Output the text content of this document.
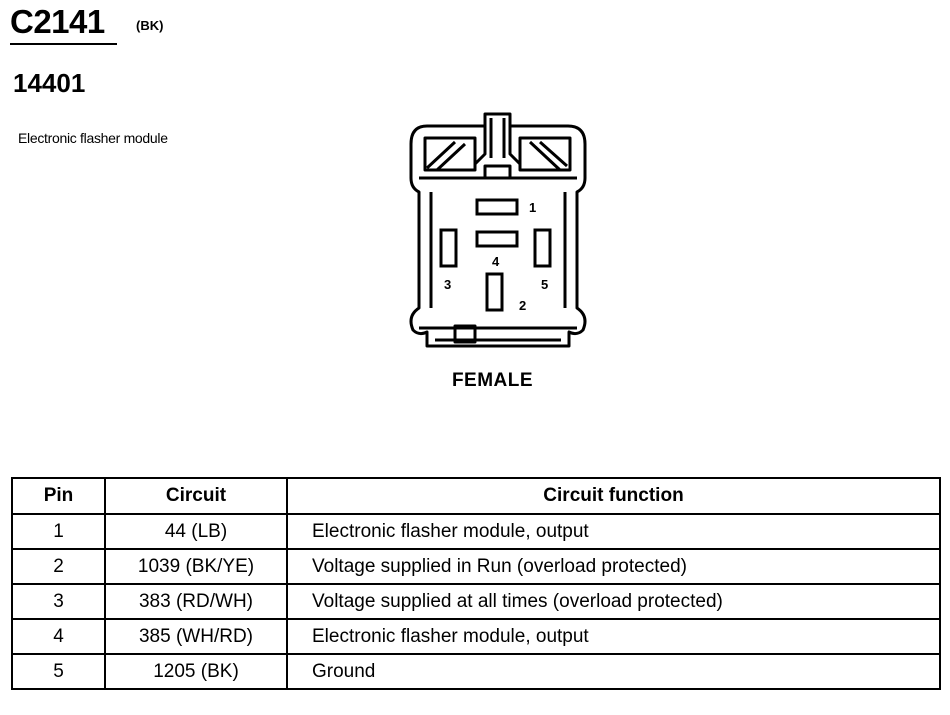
C2141 (BK)
14401
Electronic flasher module
1
4
3	5
2
FEMALE
Pin	Circuit	Circuit function
1	44 (LB)	Electronic flasher module, output
2	1039 (BK/YE)	Voltage supplied in Run (overload protected)
3	383 (RD/WH)	Voltage supplied at all times (overload protected)
4	385 (WH/RD)	Electronic flasher module, output
5	1205 (BK)	Ground
